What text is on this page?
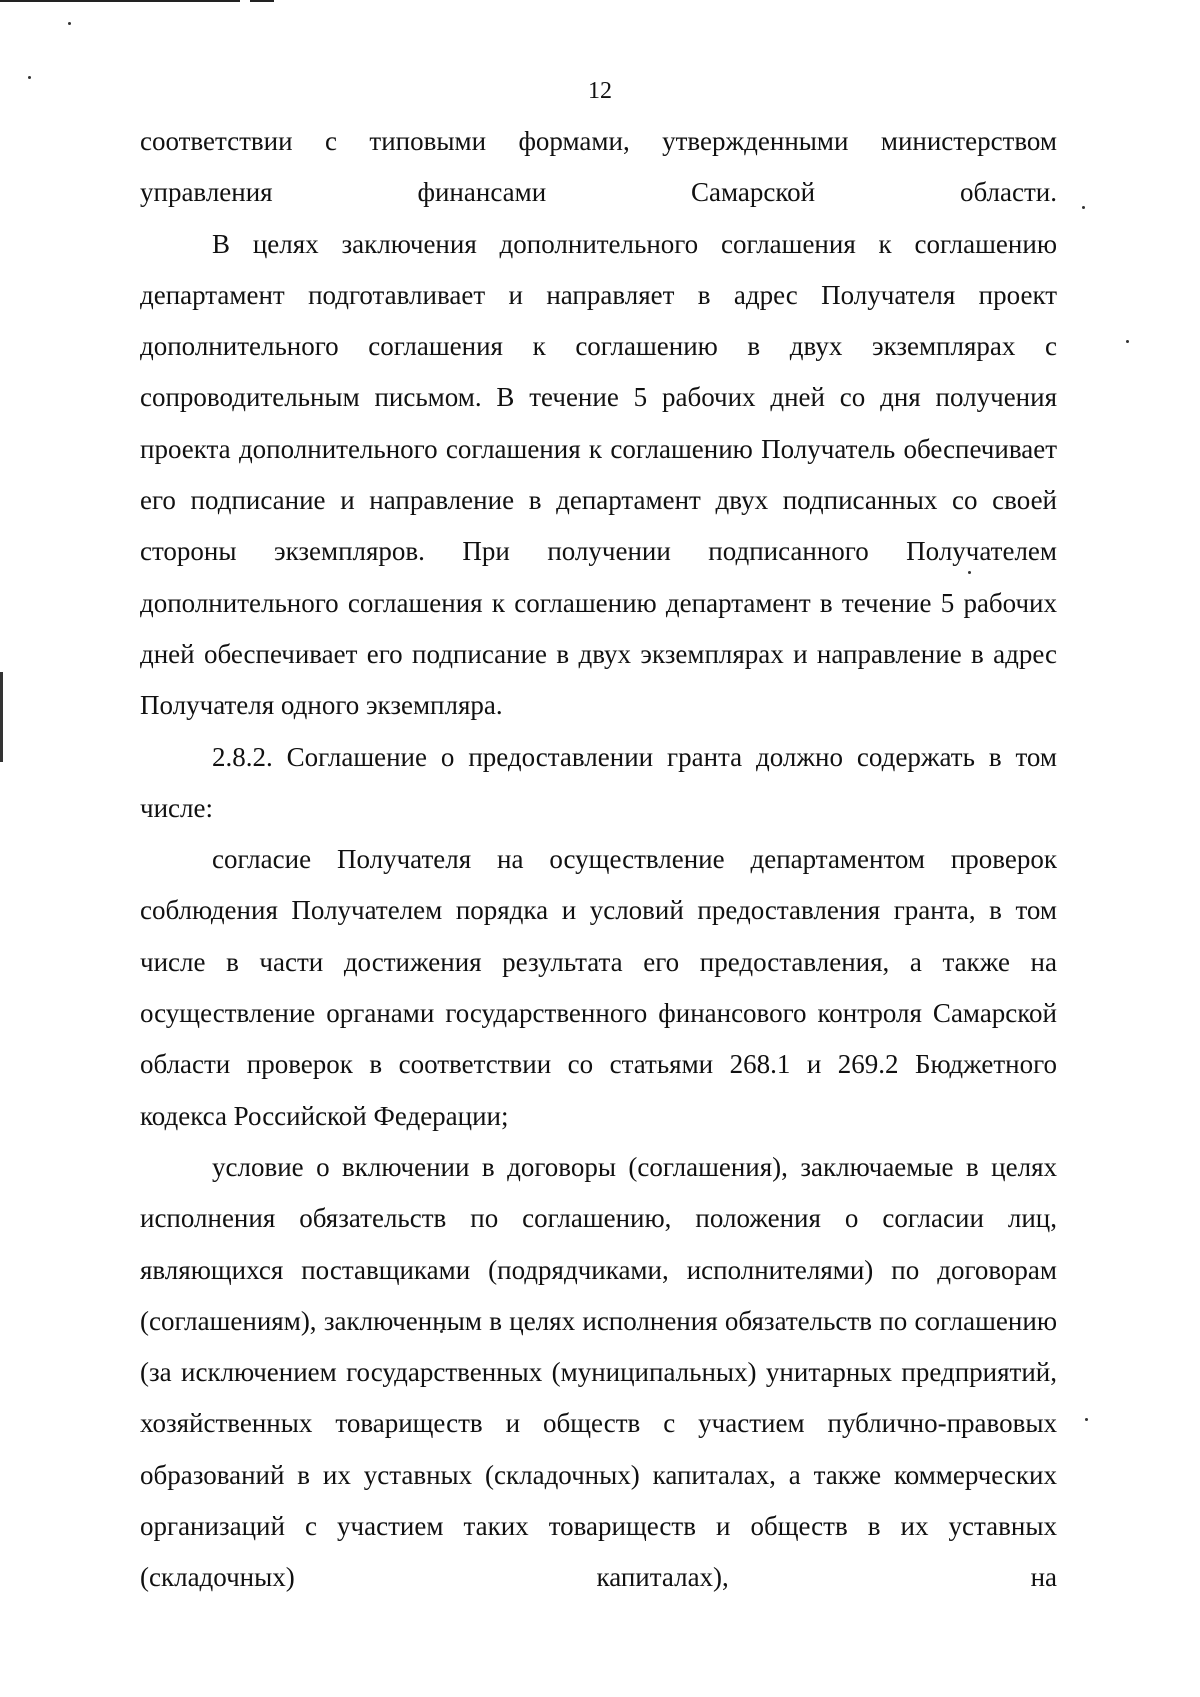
12

соответствии с типовыми формами, утвержденными министерством управления финансами Самарской области.

В целях заключения дополнительного соглашения к соглашению департамент подготавливает и направляет в адрес Получателя проект дополнительного соглашения к соглашению в двух экземплярах с сопроводительным письмом. В течение 5 рабочих дней со дня получения проекта дополнительного соглашения к соглашению Получатель обеспечивает его подписание и направление в департамент двух подписанных со своей стороны экземпляров. При получении подписанного Получателем дополнительного соглашения к соглашению департамент в течение 5 рабочих дней обеспечивает его подписание в двух экземплярах и направление в адрес Получателя одного экземпляра.

2.8.2. Соглашение о предоставлении гранта должно содержать в том числе:

согласие Получателя на осуществление департаментом проверок соблюдения Получателем порядка и условий предоставления гранта, в том числе в части достижения результата его предоставления, а также на осуществление органами государственного финансового контроля Самарской области проверок в соответствии со статьями 268.1 и 269.2 Бюджетного кодекса Российской Федерации;

условие о включении в договоры (соглашения), заключаемые в целях исполнения обязательств по соглашению, положения о согласии лиц, являющихся поставщиками (подрядчиками, исполнителями) по договорам (соглашениям), заключенным в целях исполнения обязательств по соглашению (за исключением государственных (муниципальных) унитарных предприятий, хозяйственных товариществ и обществ с участием публично-правовых образований в их уставных (складочных) капиталах, а также коммерческих организаций с участием таких товариществ и обществ в их уставных (складочных) капиталах), на
